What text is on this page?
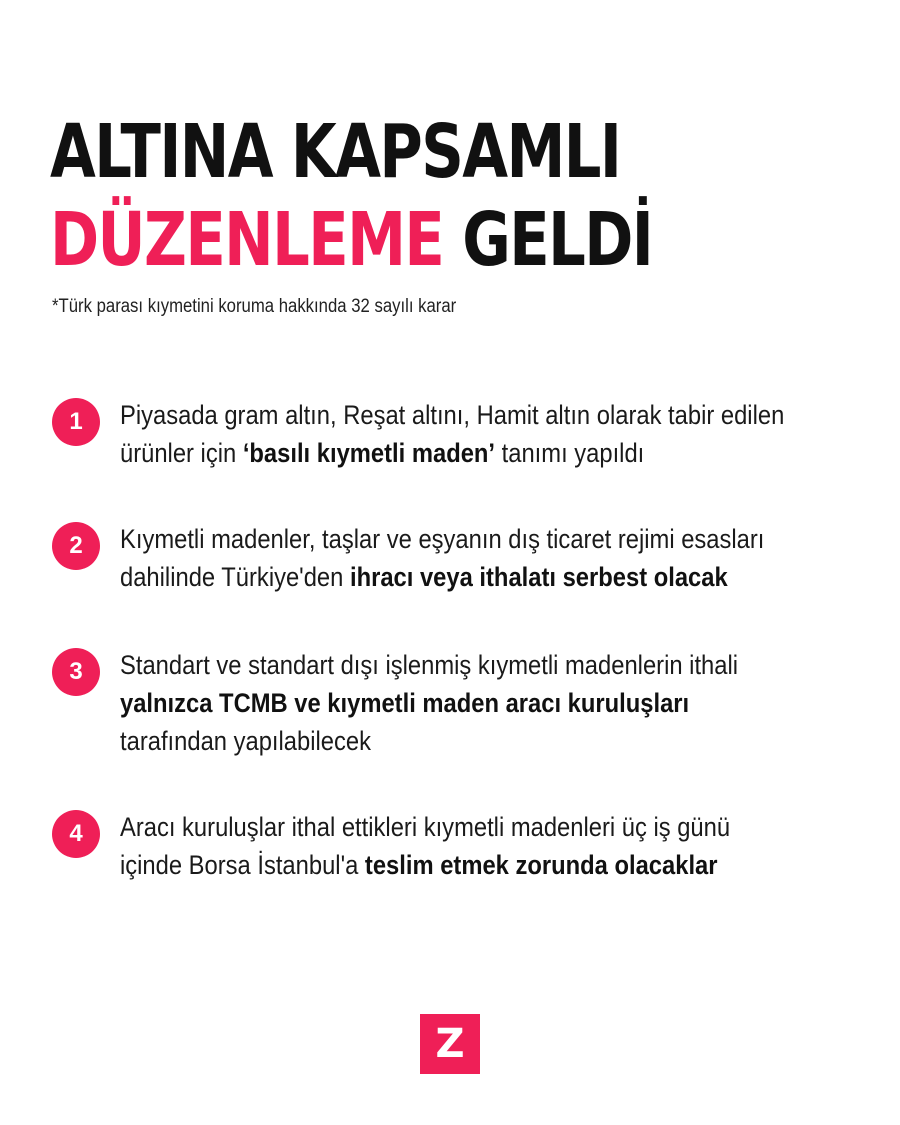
ALTINA KAPSAMLI
DÜZENLEME GELDİ
*Türk parası kıymetini koruma hakkında 32 sayılı karar
1	Piyasada gram altın, Reşat altını, Hamit altın olarak tabir edilen ürünler için ‘basılı kıymetli maden’ tanımı yapıldı
2	Kıymetli madenler, taşlar ve eşyanın dış ticaret rejimi esasları dahilinde Türkiye'den ihracı veya ithalatı serbest olacak
3	Standart ve standart dışı işlenmiş kıymetli madenlerin ithali
yalnızca TCMB ve kıymetli maden aracı kuruluşları
tarafından yapılabilecek
4	Aracı kuruluşlar ithal ettikleri kıymetli madenleri üç iş günü içinde Borsa İstanbul'a teslim etmek zorunda olacaklar
Z
